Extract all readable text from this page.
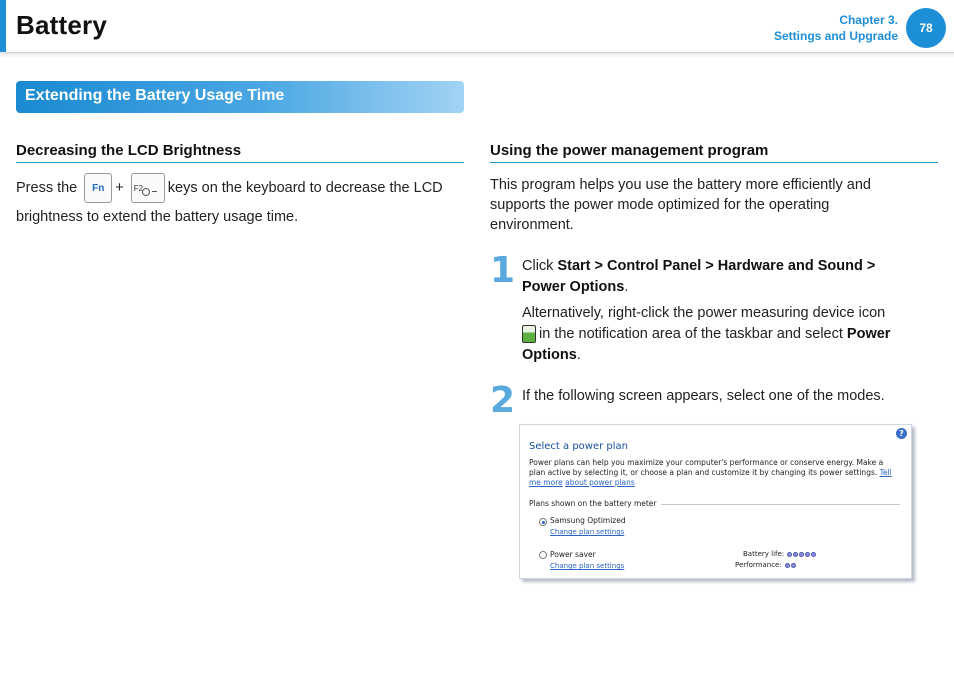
Battery	Chapter 3.
Settings and Upgrade
78
Extending the Battery Usage Time
Decreasing the LCD Brightness
Press the Fn + F2 keys on the keyboard to decrease the LCD brightness to extend the battery usage time.
Using the power management program
This program helps you use the battery more efficiently and supports the power mode optimized for the operating environment.
1 Click Start > Control Panel > Hardware and Sound > Power Options.
Alternatively, right-click the power measuring device icon
in the notification area of the taskbar and select Power Options.
2 If the following screen appears, select one of the modes.
Select a power plan
?
Power plans can help you maximize your computer's performance or conserve energy. Make a plan active by selecting it, or choose a plan and customize it by changing its power settings. Tell me more about power plans
Plans shown on the battery meter
Samsung Optimized
Change plan settings
Power saver
Change plan settings
Battery life:
Performance:
